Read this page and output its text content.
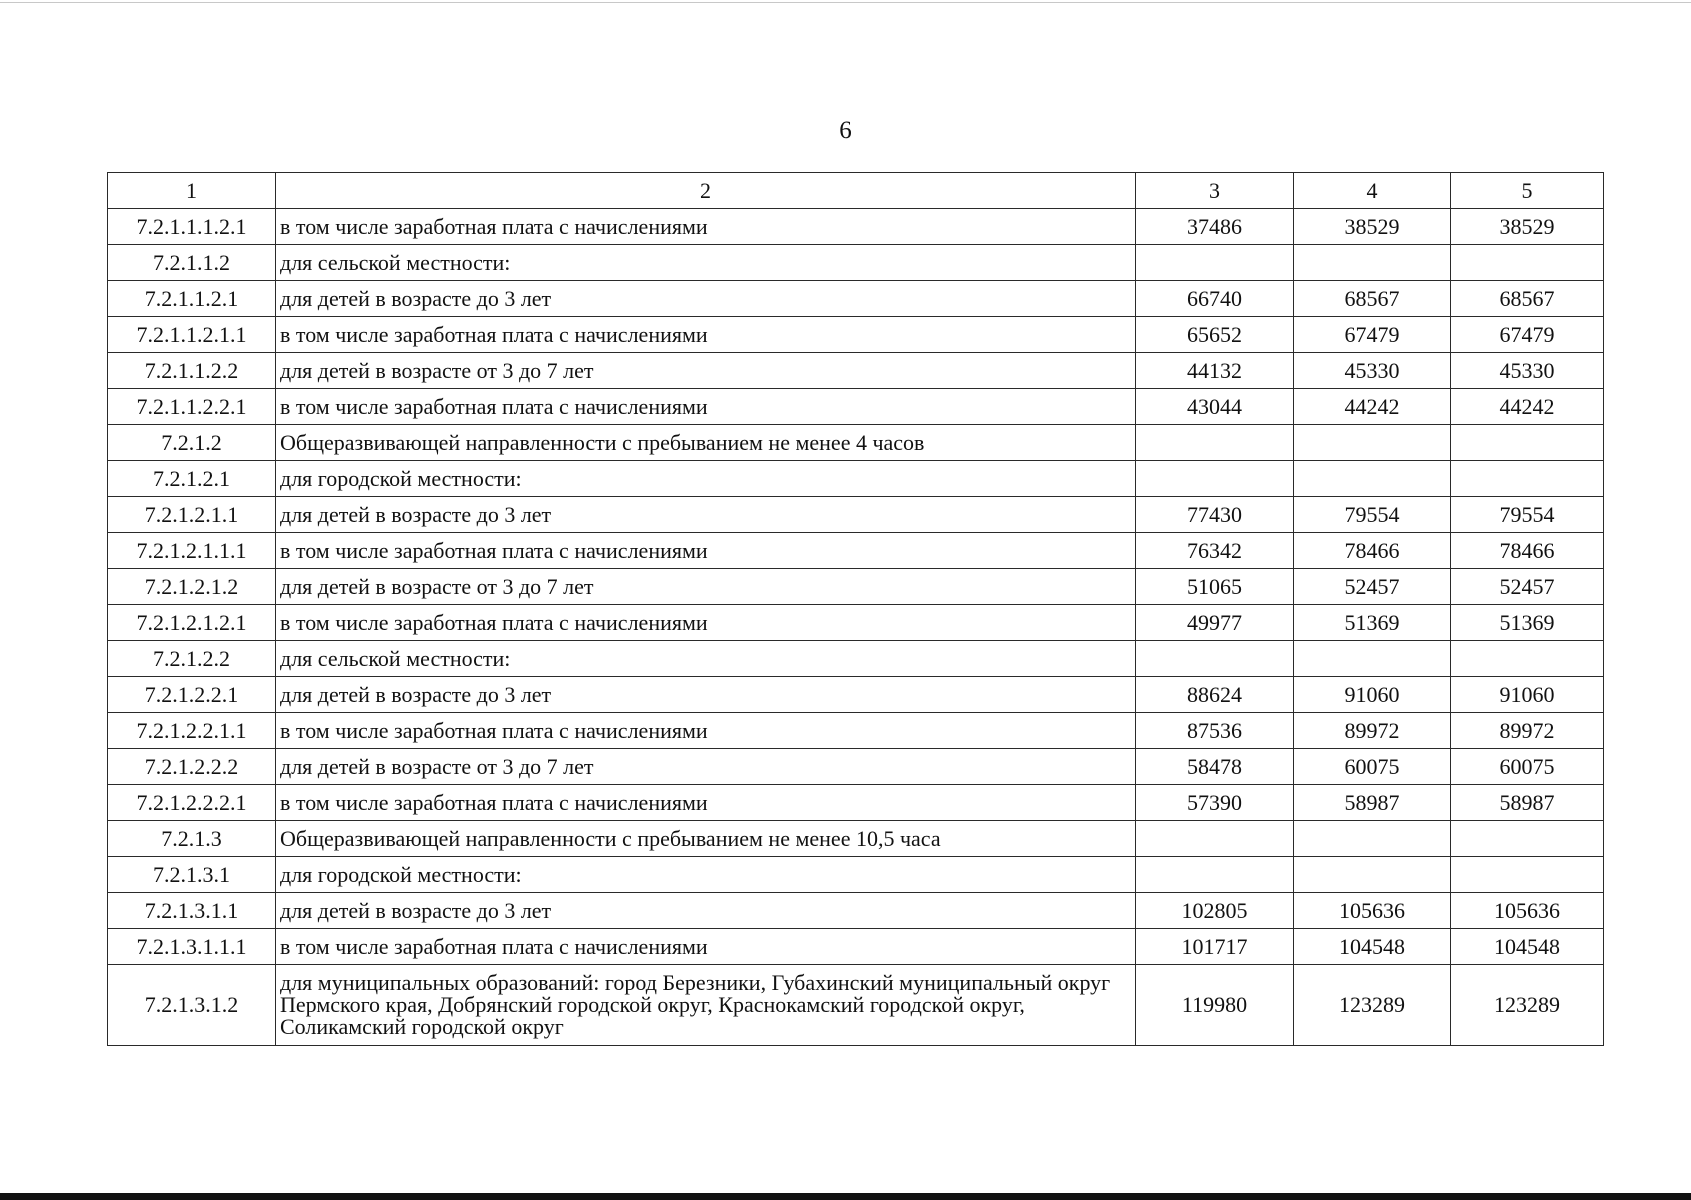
6
1	2	3	4	5
7.2.1.1.1.2.1	в том числе заработная плата с начислениями	37486	38529	38529
7.2.1.1.2	для сельской местности:			
7.2.1.1.2.1	для детей в возрасте до 3 лет	66740	68567	68567
7.2.1.1.2.1.1	в том числе заработная плата с начислениями	65652	67479	67479
7.2.1.1.2.2	для детей в возрасте от 3 до 7 лет	44132	45330	45330
7.2.1.1.2.2.1	в том числе заработная плата с начислениями	43044	44242	44242
7.2.1.2	Общеразвивающей направленности с пребыванием не менее 4 часов			
7.2.1.2.1	для городской местности:			
7.2.1.2.1.1	для детей в возрасте до 3 лет	77430	79554	79554
7.2.1.2.1.1.1	в том числе заработная плата с начислениями	76342	78466	78466
7.2.1.2.1.2	для детей в возрасте от 3 до 7 лет	51065	52457	52457
7.2.1.2.1.2.1	в том числе заработная плата с начислениями	49977	51369	51369
7.2.1.2.2	для сельской местности:			
7.2.1.2.2.1	для детей в возрасте до 3 лет	88624	91060	91060
7.2.1.2.2.1.1	в том числе заработная плата с начислениями	87536	89972	89972
7.2.1.2.2.2	для детей в возрасте от 3 до 7 лет	58478	60075	60075
7.2.1.2.2.2.1	в том числе заработная плата с начислениями	57390	58987	58987
7.2.1.3	Общеразвивающей направленности с пребыванием не менее 10,5 часа			
7.2.1.3.1	для городской местности:			
7.2.1.3.1.1	для детей в возрасте до 3 лет	102805	105636	105636
7.2.1.3.1.1.1	в том числе заработная плата с начислениями	101717	104548	104548
7.2.1.3.1.2	для муниципальных образований: город Березники, Губахинский муниципальный округ Пермского края, Добрянский городской округ, Краснокамский городской округ, Соликамский городской округ	119980	123289	123289
